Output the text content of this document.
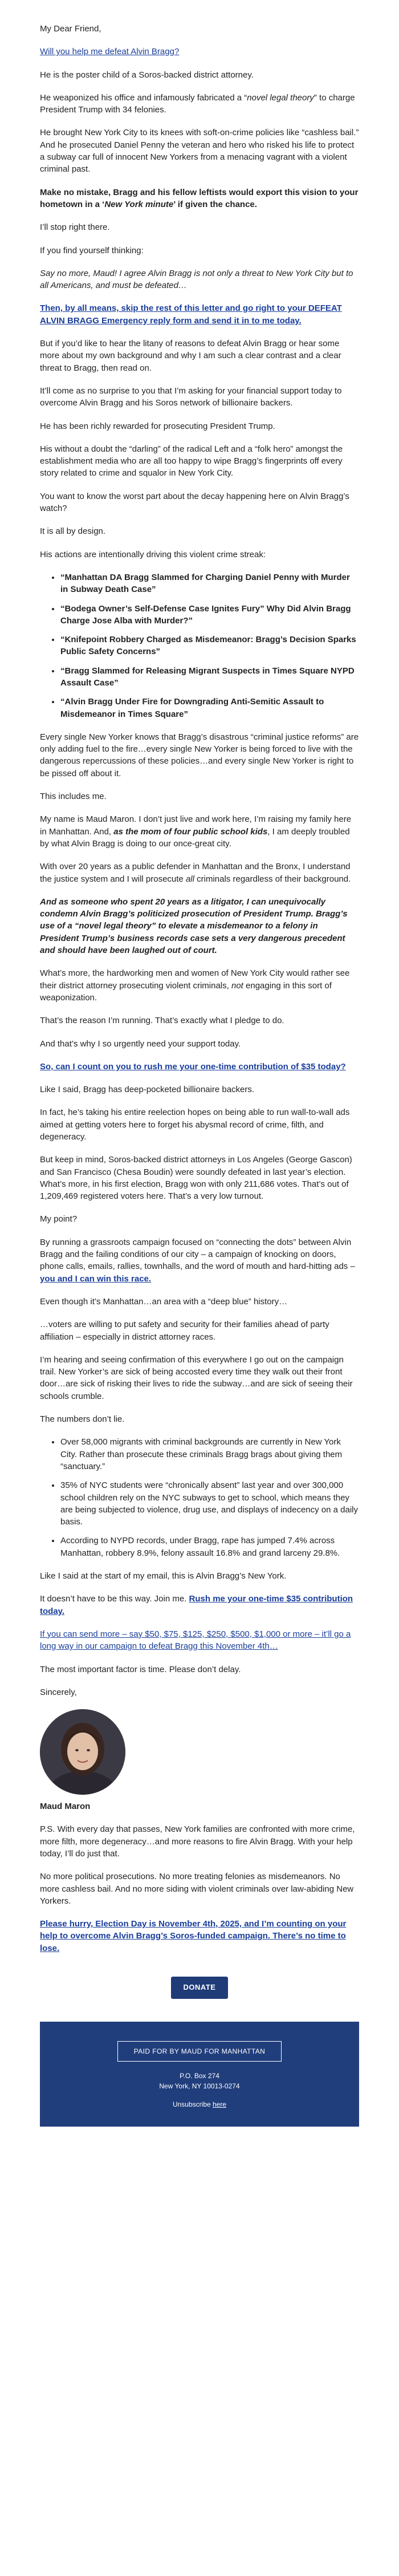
My Dear Friend,

Will you help me defeat Alvin Bragg?

He is the poster child of a Soros-backed district attorney.

He weaponized his office and infamously fabricated a “novel legal theory” to charge President Trump with 34 felonies.

He brought New York City to its knees with soft-on-crime policies like “cashless bail.” And he prosecuted Daniel Penny the veteran and hero who risked his life to protect a subway car full of innocent New Yorkers from a menacing vagrant with a violent criminal past.

Make no mistake, Bragg and his fellow leftists would export this vision to your hometown in a ‘New York minute’ if given the chance.

I’ll stop right there.

If you find yourself thinking:

Say no more, Maud! I agree Alvin Bragg is not only a threat to New York City but to all Americans, and must be defeated…

Then, by all means, skip the rest of this letter and go right to your DEFEAT ALVIN BRAGG Emergency reply form and send it in to me today.

But if you’d like to hear the litany of reasons to defeat Alvin Bragg or hear some more about my own background and why I am such a clear contrast and a clear threat to Bragg, then read on.

It’ll come as no surprise to you that I’m asking for your financial support today to overcome Alvin Bragg and his Soros network of billionaire backers.

He has been richly rewarded for prosecuting President Trump.

His without a doubt the “darling” of the radical Left and a “folk hero” amongst the establishment media who are all too happy to wipe Bragg’s fingerprints off every story related to crime and squalor in New York City.

You want to know the worst part about the decay happening here on Alvin Bragg’s watch?

It is all by design.

His actions are intentionally driving this violent crime streak:

• “Manhattan DA Bragg Slammed for Charging Daniel Penny with Murder in Subway Death Case”
• “Bodega Owner’s Self-Defense Case Ignites Fury” Why Did Alvin Bragg Charge Jose Alba with Murder?”
• “Knifepoint Robbery Charged as Misdemeanor: Bragg’s Decision Sparks Public Safety Concerns”
• “Bragg Slammed for Releasing Migrant Suspects in Times Square NYPD Assault Case”
• “Alvin Bragg Under Fire for Downgrading Anti-Semitic Assault to Misdemeanor in Times Square”

Every single New Yorker knows that Bragg’s disastrous “criminal justice reforms” are only adding fuel to the fire…every single New Yorker is being forced to live with the dangerous repercussions of these policies…and every single New Yorker is right to be pissed off about it.

This includes me.

My name is Maud Maron. I don’t just live and work here, I’m raising my family here in Manhattan. And, as the mom of four public school kids, I am deeply troubled by what Alvin Bragg is doing to our once-great city.

With over 20 years as a public defender in Manhattan and the Bronx, I understand the justice system and I will prosecute all criminals regardless of their background.

And as someone who spent 20 years as a litigator, I can unequivocally condemn Alvin Bragg’s politicized prosecution of President Trump. Bragg’s use of a “novel legal theory” to elevate a misdemeanor to a felony in President Trump’s business records case sets a very dangerous precedent and should have been laughed out of court.

What’s more, the hardworking men and women of New York City would rather see their district attorney prosecuting violent criminals, not engaging in this sort of weaponization.

That’s the reason I’m running. That’s exactly what I pledge to do.

And that’s why I so urgently need your support today.

So, can I count on you to rush me your one-time contribution of $35 today?

Like I said, Bragg has deep-pocketed billionaire backers.

In fact, he’s taking his entire reelection hopes on being able to run wall-to-wall ads aimed at getting voters here to forget his abysmal record of crime, filth, and degeneracy.

But keep in mind, Soros-backed district attorneys in Los Angeles (George Gascon) and San Francisco (Chesa Boudin) were soundly defeated in last year’s election. What’s more, in his first election, Bragg won with only 211,686 votes. That’s out of 1,209,469 registered voters here. That’s a very low turnout.

My point?

By running a grassroots campaign focused on “connecting the dots” between Alvin Bragg and the failing conditions of our city – a campaign of knocking on doors, phone calls, emails, rallies, townhalls, and the word of mouth and hard-hitting ads – you and I can win this race.

Even though it’s Manhattan…an area with a “deep blue” history…

…voters are willing to put safety and security for their families ahead of party affiliation – especially in district attorney races.

I’m hearing and seeing confirmation of this everywhere I go out on the campaign trail. New Yorker’s are sick of being accosted every time they walk out their front door…are sick of risking their lives to ride the subway…and are sick of seeing their schools crumble.

The numbers don’t lie.

• Over 58,000 migrants with criminal backgrounds are currently in New York City. Rather than prosecute these criminals Bragg brags about giving them “sanctuary.”
• 35% of NYC students were “chronically absent” last year and over 300,000 school children rely on the NYC subways to get to school, which means they are being subjected to violence, drug use, and displays of indecency on a daily basis.
• According to NYPD records, under Bragg, rape has jumped 7.4% across Manhattan, robbery 8.9%, felony assault 16.8% and grand larceny 29.8%.

Like I said at the start of my email, this is Alvin Bragg’s New York.

It doesn’t have to be this way. Join me. Rush me your one-time $35 contribution today.

If you can send more – say $50, $75, $125, $250, $500, $1,000 or more – it’ll go a long way in our campaign to defeat Bragg this November 4th…

The most important factor is time. Please don’t delay.

Sincerely,

Maud Maron

P.S. With every day that passes, New York families are confronted with more crime, more filth, more degeneracy…and more reasons to fire Alvin Bragg. With your help today, I’ll do just that.

No more political prosecutions. No more treating felonies as misdemeanors. No more cashless bail. And no more siding with violent criminals over law-abiding New Yorkers.

Please hurry, Election Day is November 4th, 2025, and I’m counting on your help to overcome Alvin Bragg’s Soros-funded campaign. There’s no time to lose.

DONATE
PAID FOR BY MAUD FOR MANHATTAN
P.O. Box 274
New York, NY 10013-0274
Unsubscribe here
